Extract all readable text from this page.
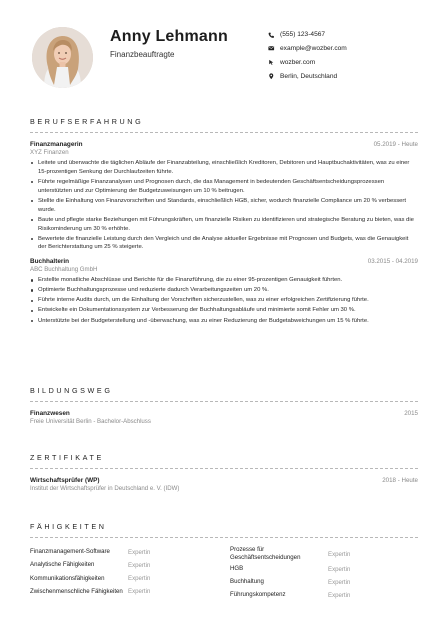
Anny Lehmann
Finanzbeauftragte
(555) 123-4567
example@wozber.com
wozber.com
Berlin, Deutschland
BERUFSERFAHRUNG
Finanzmanagerin	05.2019 - Heute
XYZ Finanzen
Leitete und überwachte die täglichen Abläufe der Finanzabteilung, einschließlich Kreditoren, Debitoren und Hauptbuchaktivitäten, was zu einer 15-prozentigen Senkung der Durchlaufzeiten führte.
Führte regelmäßige Finanzanalysen und Prognosen durch, die das Management in bedeutenden Geschäftsentscheidungsprozessen unterstützten und zur Optimierung der Budgetzuweisungen um 10 % beitrugen.
Stellte die Einhaltung von Finanzvorschriften und Standards, einschließlich HGB, sicher, wodurch finanzielle Compliance um 20 % verbessert wurde.
Baute und pflegte starke Beziehungen mit Führungskräften, um finanzielle Risiken zu identifizieren und strategische Beratung zu bieten, was die Risikominderung um 30 % erhöhte.
Bewertete die finanzielle Leistung durch den Vergleich und die Analyse aktueller Ergebnisse mit Prognosen und Budgets, was die Genauigkeit der Berichterstattung um 25 % steigerte.
Buchhalterin	03.2015 - 04.2019
ABC Buchhaltung GmbH
Erstellte monatliche Abschlüsse und Berichte für die Finanzführung, die zu einer 95-prozentigen Genauigkeit führten.
Optimierte Buchhaltungsprozesse und reduzierte dadurch Verarbeitungszeiten um 20 %.
Führte interne Audits durch, um die Einhaltung der Vorschriften sicherzustellen, was zu einer erfolgreichen Zertifizierung führte.
Entwickelte ein Dokumentationssystem zur Verbesserung der Buchhaltungsabläufe und minimierte somit Fehler um 30 %.
Unterstützte bei der Budgeterstellung und -überwachung, was zu einer Reduzierung der Budgetabweichungen um 15 % führte.
BILDUNGSWEG
Finanzwesen	2015
Freie Universität Berlin - Bachelor-Abschluss
ZERTIFIKATE
Wirtschaftsprüfer (WP)	2018 - Heute
Institut der Wirtschaftsprüfer in Deutschland e. V. (IDW)
FÄHIGKEITEN
Finanzmanagement-Software	Expertin
Analytische Fähigkeiten	Expertin
Kommunikationsfähigkeiten	Expertin
Zwischenmenschliche Fähigkeiten Expertin
Prozesse für Geschäftsentscheidungen	Expertin
HGB	Expertin
Buchhaltung	Expertin
Führungskompetenz	Expertin
